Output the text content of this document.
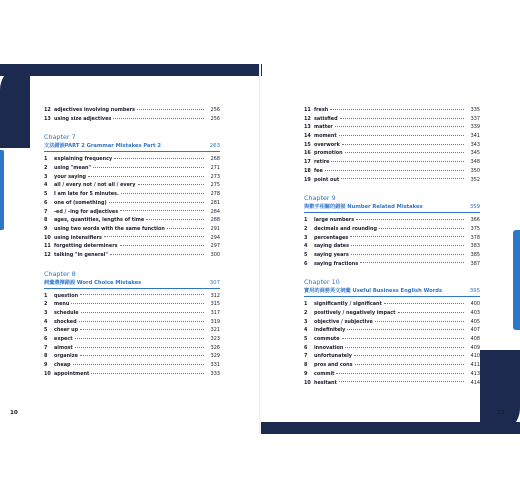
12 adjectives involving numbers	256
13 using size adjectives	256
Chapter 7
文法錯誤PART 2 Grammar Mistakes Part 2	263
1	explaining frequency	268
2	using "mean"	271
3	your saying	273
4	all / every not / not all / every	275
5	I am late for 5 minutes.	278
6	one of (something)	281
7	-ed / -ing for adjectives	284
8	ages, quantities, lengths of time	288
9	using two words with the same function	291
10 using intensifiers	294
11 forgetting determiners	297
12 talking "in general"	300
Chapter 8
詞彙選擇錯誤 Word Choice Mistakes	307
1	question	312
2	menu	315
3	schedule	317
4	shocked	319
5	cheer up	321
6	expect	323
7	almost	326
8	organize	329
9	cheap	331
10 appointment	333
10
11 fresh	335
12 satisfied	337
13 matter	339
14 moment	341
15 overwork	343
16 promotion	345
17 retire	348
18 fee	350
19 point out	352
Chapter 9
與數字相關的錯誤 Number Related Mistakes	359
1	large numbers	366
2	decimals and rounding	375
3	percentages	378
4	saying dates	383
5	saying years	385
6	saying fractions	387
Chapter 10
實用的商務英文詞彙 Useful Business English Words	395
1	significantly / significant	400
2	positively / negatively impact	403
3	objective / subjective	405
4	indefinitely	407
5	commute	408
6	innovation	409
7	unfortunately	410
8	pros and cons	411
9	commit	413
10 hesitant	414
11
